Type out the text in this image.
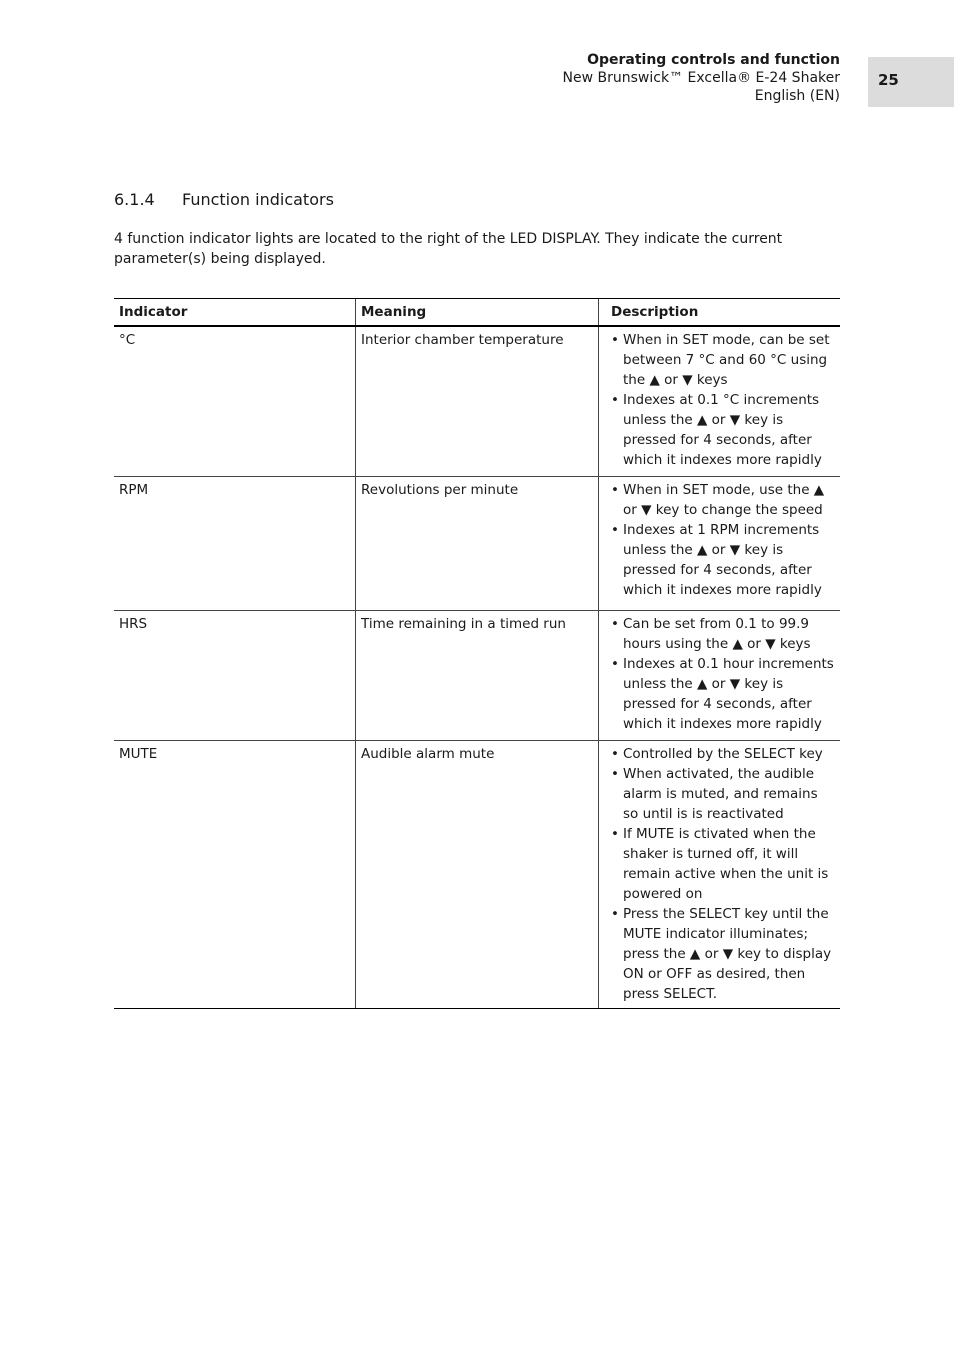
Operating controls and function
New Brunswick™ Excella® E-24 Shaker
English (EN)
25
6.1.4	Function indicators
4 function indicator lights are located to the right of the LED DISPLAY. They indicate the current parameter(s) being displayed.
Indicator	Meaning	Description
°C	Interior chamber temperature	• When in SET mode, can be set between 7 °C and 60 °C using the ▲ or ▼ keys
• Indexes at 0.1 °C increments unless the ▲ or ▼ key is pressed for 4 seconds, after which it indexes more rapidly
RPM	Revolutions per minute	• When in SET mode, use the ▲ or ▼ key to change the speed
• Indexes at 1 RPM increments unless the ▲ or ▼ key is pressed for 4 seconds, after which it indexes more rapidly
HRS	Time remaining in a timed run	• Can be set from 0.1 to 99.9 hours using the ▲ or ▼ keys
• Indexes at 0.1 hour increments unless the ▲ or ▼ key is pressed for 4 seconds, after which it indexes more rapidly
MUTE	Audible alarm mute	• Controlled by the SELECT key
• When activated, the audible alarm is muted, and remains so until is is reactivated
• If MUTE is ctivated when the shaker is turned off, it will remain active when the unit is powered on
• Press the SELECT key until the MUTE indicator illuminates; press the ▲ or ▼ key to display ON or OFF as desired, then press SELECT.
